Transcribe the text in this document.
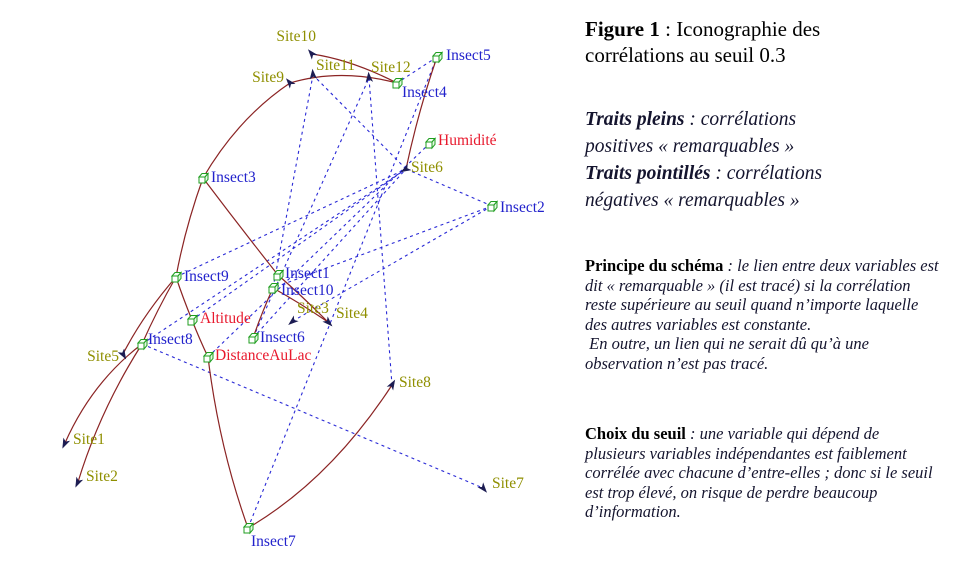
Site1
Site2
Site3 Site4
Site5
Site6
Site7
Site8
Site9
Site10
Site11 Site12
Insect1
Insect2
Insect3
Insect4
Insect5
Insect6
Insect7
Insect8
Insect9
Insect10
Humidité
Altitude
DistanceAuLac
Figure 1 : Iconographie des
corrélations au seuil 0.3
Traits pleins : corrélations
positives « remarquables »
Traits pointillés : corrélations
négatives « remarquables »
Principe du schéma : le lien entre deux variables est dit « remarquable » (il est tracé) si la corrélation reste supérieure au seuil quand n’importe laquelle des autres variables est constante.
En outre, un lien qui ne serait dû qu’à une observation n’est pas tracé.
Choix du seuil : une variable qui dépend de plusieurs variables indépendantes est faiblement corrélée avec chacune d’entre-elles ; donc si le seuil est trop élevé, on risque de perdre beaucoup d’information.
